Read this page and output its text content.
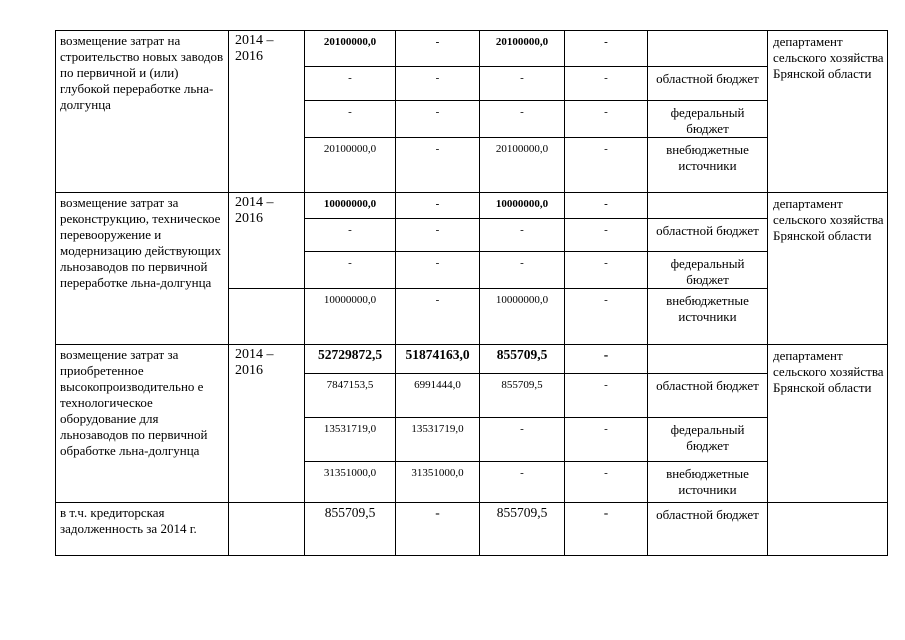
возмещение затрат на строительство новых заводов по первичной и (или) глубокой переработке льна-долгунца	2014 – 2016	20100000,0	-	20100000,0	-		департамент сельского хозяйства Брянской области
		-	-	-	-	областной бюджет	
		-	-	-	-	федеральный бюджет	
		20100000,0	-	20100000,0	-	внебюджетные источники	
возмещение затрат за реконструкцию, техническое перевооружение и модернизацию действующих льнозаводов по первичной переработке льна-долгунца	2014 – 2016	10000000,0	-	10000000,0	-		департамент сельского хозяйства Брянской области
		-	-	-	-	областной бюджет	
		-	-	-	-	федеральный бюджет	
		10000000,0	-	10000000,0	-	внебюджетные источники	
возмещение затрат за приобретенное высокопроизводительно е технологическое оборудование для льнозаводов по первичной обработке льна-долгунца	2014 – 2016	52729872,5	51874163,0	855709,5	-		департамент сельского хозяйства Брянской области
		7847153,5	6991444,0	855709,5	-	областной бюджет	
		13531719,0	13531719,0	-	-	федеральный бюджет	
		31351000,0	31351000,0	-	-	внебюджетные источники	
в т.ч. кредиторская задолженность за 2014 г.		855709,5	-	855709,5	-	областной бюджет	
